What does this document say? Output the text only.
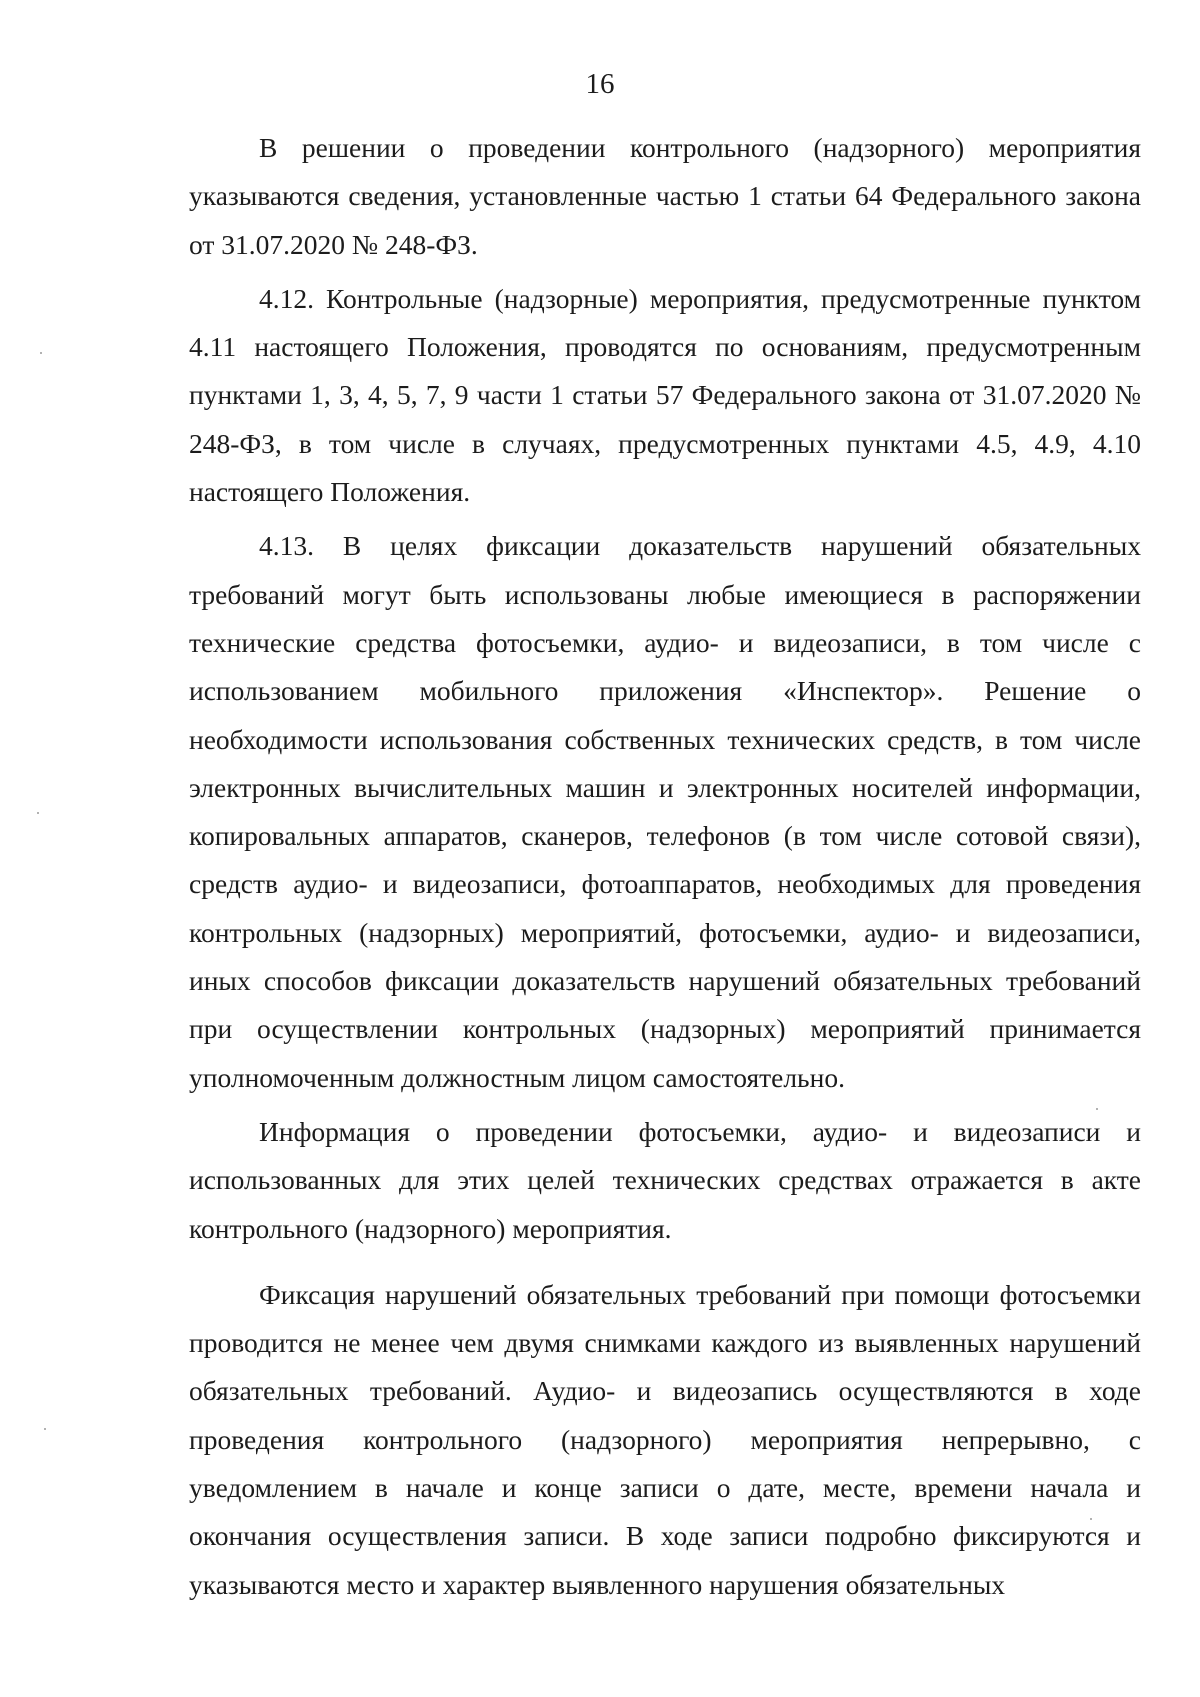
16

В решении о проведении контрольного (надзорного) мероприятия указываются сведения, установленные частью 1 статьи 64 Федерального закона от 31.07.2020 № 248-ФЗ.

4.12. Контрольные (надзорные) мероприятия, предусмотренные пунктом 4.11 настоящего Положения, проводятся по основаниям, предусмотренным пунктами 1, 3, 4, 5, 7, 9 части 1 статьи 57 Федерального закона от 31.07.2020 № 248-ФЗ, в том числе в случаях, предусмотренных пунктами 4.5, 4.9, 4.10 настоящего Положения.

4.13. В целях фиксации доказательств нарушений обязательных требований могут быть использованы любые имеющиеся в распоряжении технические средства фотосъемки, аудио- и видеозаписи, в том числе с использованием мобильного приложения «Инспектор». Решение о необходимости использования собственных технических средств, в том числе электронных вычислительных машин и электронных носителей информации, копировальных аппаратов, сканеров, телефонов (в том числе сотовой связи), средств аудио- и видеозаписи, фотоаппаратов, необходимых для проведения контрольных (надзорных) мероприятий, фотосъемки, аудио- и видеозаписи, иных способов фиксации доказательств нарушений обязательных требований при осуществлении контрольных (надзорных) мероприятий принимается уполномоченным должностным лицом самостоятельно.

Информация о проведении фотосъемки, аудио- и видеозаписи и использованных для этих целей технических средствах отражается в акте контрольного (надзорного) мероприятия.

Фиксация нарушений обязательных требований при помощи фотосъемки проводится не менее чем двумя снимками каждого из выявленных нарушений обязательных требований. Аудио- и видеозапись осуществляются в ходе проведения контрольного (надзорного) мероприятия непрерывно, с уведомлением в начале и конце записи о дате, месте, времени начала и окончания осуществления записи. В ходе записи подробно фиксируются и указываются место и характер выявленного нарушения обязательных
